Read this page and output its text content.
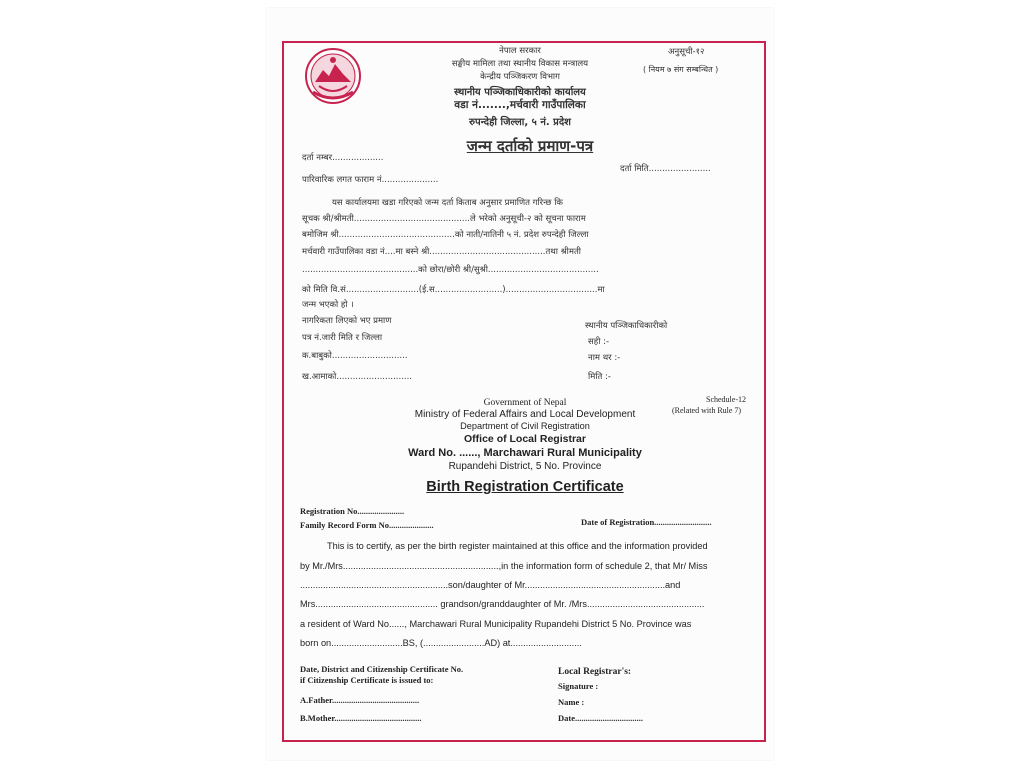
नेपाल सरकार
सङ्घीय मामिला तथा स्थानीय विकास मन्त्रालय
केन्द्रीय पञ्जिकरण विभाग
स्थानीय पञ्जिकाधिकारीको कार्यालय
वडा नं.......,मर्चवारी गाउँपालिका
रुपन्देही जिल्ला, ५ नं. प्रदेश
अनुसूची-१२
( नियम ७ संग सम्बन्धित )
जन्म दर्ताको प्रमाण-पत्र
दर्ता नम्बर...................
दर्ता मिति.......................
पारिवारिक लगत फाराम नं.....................
यस कार्यालयमा खडा गरिएको जन्म दर्ता किताब अनुसार प्रमाणित गरिन्छ कि
सूचक श्री/श्रीमती...........................................ले भरेको अनुसूची-२ को सूचना फाराम
बमोजिम श्री...........................................को नाती/नातिनी ५ नं. प्रदेश रुपन्देही जिल्ला
मर्चवारी गाउँपालिका वडा नं....मा बस्ने श्री...........................................तथा श्रीमती
...........................................को छोरा/छोरी श्री/सुश्री.........................................
को मिति वि.सं...........................(ई.स.........................)..................................मा
जन्म भएको हो ।
नागरिकता लिएको भए प्रमाण
पत्र नं.जारी मिति र जिल्ला
क.बाबुको............................
ख.आमाको............................
स्थानीय पञ्जिकाधिकारीको
सही :-
नाम थर :-
मिति :-
Government of Nepal
Ministry of Federal Affairs and Local Development
Department of Civil Registration
Office of Local Registrar
Ward No. ......, Marchawari Rural Municipality
Rupandehi District, 5 No. Province
Schedule-12
(Related with Rule 7)
Birth Registration Certificate
Registration No......................
Family Record Form No.....................	Date of Registration...........................
This is to certify, as per the birth register maintained at this office and the information provided
by Mr./Mrs.............................................................,in the information form of schedule 2, that Mr/ Miss
..........................................................son/daughter of Mr.......................................................and
Mrs................................................ grandson/granddaughter of Mr. /Mrs..............................................
a resident of Ward No......, Marchawari Rural Municipality Rupandehi District 5 No. Province was
born on............................BS, (........................AD) at............................
Date, District and Citizenship Certificate No.
if Citizenship Certificate is issued to:
A.Father.........................................
B.Mother.........................................
Local Registrar's:
Signature :
Name :
Date................................
